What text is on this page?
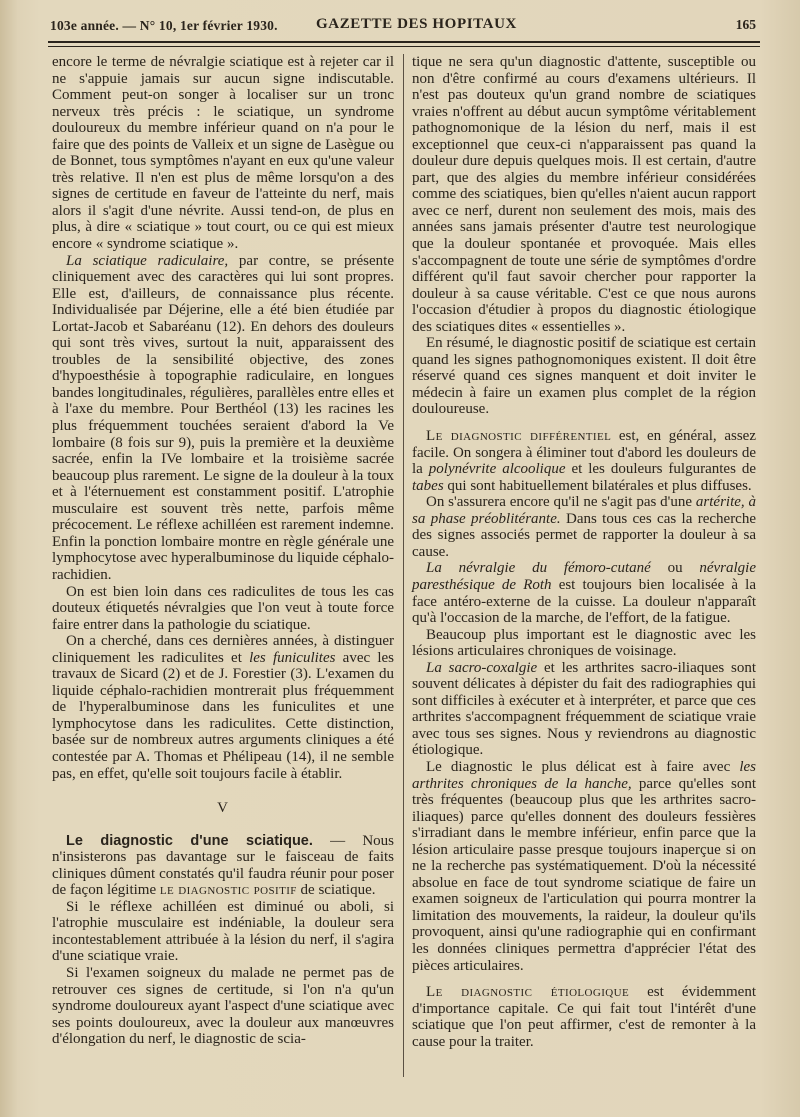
103e année. — N° 10, 1er février 1930.	GAZETTE DES HOPITAUX	165

encore le terme de névralgie sciatique est à rejeter car il ne s'appuie jamais sur aucun signe indiscutable. Comment peut-on songer à localiser sur un tronc nerveux très précis : le sciatique, un syndrome douloureux du membre inférieur quand on n'a pour le faire que des points de Valleix et un signe de Lasègue ou de Bonnet, tous symptômes n'ayant en eux qu'une valeur très relative. Il n'en est plus de même lorsqu'on a des signes de certitude en faveur de l'atteinte du nerf, mais alors il s'agit d'une névrite. Aussi tend-on, de plus en plus, à dire « sciatique » tout court, ou ce qui est mieux encore « syndrome sciatique ».

La sciatique radiculaire, par contre, se présente cliniquement avec des caractères qui lui sont propres. Elle est, d'ailleurs, de connaissance plus récente. Individualisée par Déjerine, elle a été bien étudiée par Lortat-Jacob et Sabaréanu (12). En dehors des douleurs qui sont très vives, surtout la nuit, apparaissent des troubles de la sensibilité objective, des zones d'hypoesthésie à topographie radiculaire, en longues bandes longitudinales, régulières, parallèles entre elles et à l'axe du membre. Pour Berthéol (13) les racines les plus fréquemment touchées seraient d'abord la Ve lombaire (8 fois sur 9), puis la première et la deuxième sacrée, enfin la IVe lombaire et la troisième sacrée beaucoup plus rarement. Le signe de la douleur à la toux et à l'éternuement est constamment positif. L'atrophie musculaire est souvent très nette, parfois même précocement. Le réflexe achilléen est rarement indemne. Enfin la ponction lombaire montre en règle générale une lymphocytose avec hyperalbuminose du liquide céphalo-rachidien.

On est bien loin dans ces radiculites de tous les cas douteux étiquetés névralgies que l'on veut à toute force faire entrer dans la pathologie du sciatique.

On a cherché, dans ces dernières années, à distinguer cliniquement les radiculites et les funiculites avec les travaux de Sicard (2) et de J. Forestier (3). L'examen du liquide céphalo-rachidien montrerait plus fréquemment de l'hyperalbuminose dans les funiculites et une lymphocytose dans les radiculites. Cette distinction, basée sur de nombreux autres arguments cliniques a été contestée par A. Thomas et Phélipeau (14), il ne semble pas, en effet, qu'elle soit toujours facile à établir.

V

Le diagnostic d'une sciatique. — Nous n'insisterons pas davantage sur le faisceau de faits cliniques dûment constatés qu'il faudra réunir pour poser de façon légitime le diagnostic positif de sciatique.

Si le réflexe achilléen est diminué ou aboli, si l'atrophie musculaire est indéniable, la douleur sera incontestablement attribuée à la lésion du nerf, il s'agira d'une sciatique vraie.

Si l'examen soigneux du malade ne permet pas de retrouver ces signes de certitude, si l'on n'a qu'un syndrome douloureux ayant l'aspect d'une sciatique avec ses points douloureux, avec la douleur aux manœuvres d'élongation du nerf, le diagnostic de scia-

tique ne sera qu'un diagnostic d'attente, susceptible ou non d'être confirmé au cours d'examens ultérieurs. Il n'est pas douteux qu'un grand nombre de sciatiques vraies n'offrent au début aucun symptôme véritablement pathognomonique de la lésion du nerf, mais il est exceptionnel que ceux-ci n'apparaissent pas quand la douleur dure depuis quelques mois. Il est certain, d'autre part, que des algies du membre inférieur considérées comme des sciatiques, bien qu'elles n'aient aucun rapport avec ce nerf, durent non seulement des mois, mais des années sans jamais présenter d'autre test neurologique que la douleur spontanée et provoquée. Mais elles s'accompagnent de toute une série de symptômes d'ordre différent qu'il faut savoir chercher pour rapporter la douleur à sa cause véritable. C'est ce que nous aurons l'occasion d'étudier à propos du diagnostic étiologique des sciatiques dites « essentielles ».

En résumé, le diagnostic positif de sciatique est certain quand les signes pathognomoniques existent. Il doit être réservé quand ces signes manquent et doit inviter le médecin à faire un examen plus complet de la région douloureuse.

Le diagnostic différentiel est, en général, assez facile. On songera à éliminer tout d'abord les douleurs de la polynévrite alcoolique et les douleurs fulgurantes de tabes qui sont habituellement bilatérales et plus diffuses.

On s'assurera encore qu'il ne s'agit pas d'une artérite, à sa phase préoblitérante. Dans tous ces cas la recherche des signes associés permet de rapporter la douleur à sa cause.

La névralgie du fémoro-cutané ou névralgie paresthésique de Roth est toujours bien localisée à la face antéro-externe de la cuisse. La douleur n'apparaît qu'à l'occasion de la marche, de l'effort, de la fatigue.

Beaucoup plus important est le diagnostic avec les lésions articulaires chroniques de voisinage.

La sacro-coxalgie et les arthrites sacro-iliaques sont souvent délicates à dépister du fait des radiographies qui sont difficiles à exécuter et à interpréter, et parce que ces arthrites s'accompagnent fréquemment de sciatique vraie avec tous ses signes. Nous y reviendrons au diagnostic étiologique.

Le diagnostic le plus délicat est à faire avec les arthrites chroniques de la hanche, parce qu'elles sont très fréquentes (beaucoup plus que les arthrites sacro-iliaques) parce qu'elles donnent des douleurs fessières s'irradiant dans le membre inférieur, enfin parce que la lésion articulaire passe presque toujours inaperçue si on ne la recherche pas systématiquement. D'où la nécessité absolue en face de tout syndrome sciatique de faire un examen soigneux de l'articulation qui pourra montrer la limitation des mouvements, la raideur, la douleur qu'ils provoquent, ainsi qu'une radiographie qui en confirmant les données cliniques permettra d'apprécier l'état des pièces articulaires.

Le diagnostic étiologique est évidemment d'importance capitale. Ce qui fait tout l'intérêt d'une sciatique que l'on peut affirmer, c'est de remonter à la cause pour la traiter.
